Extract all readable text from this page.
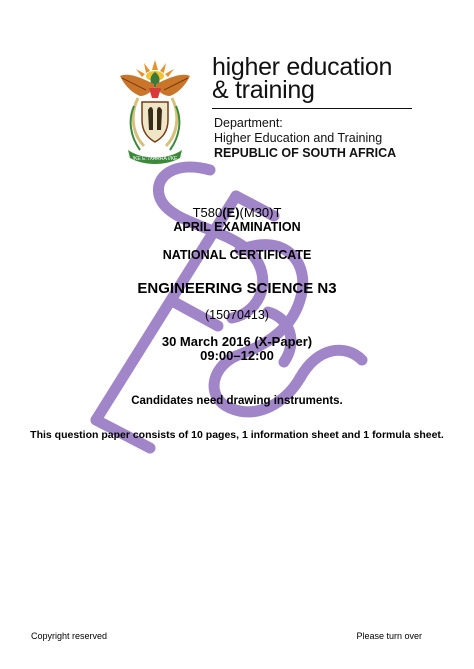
!KE E: /XARRA //KE
higher education
& training
Department:
Higher Education and Training
REPUBLIC OF SOUTH AFRICA
T580(E)(M30)T
APRIL EXAMINATION
NATIONAL CERTIFICATE
ENGINEERING SCIENCE N3
(15070413)
30 March 2016 (X-Paper)
09:00–12:00
Candidates need drawing instruments.
This question paper consists of 10 pages, 1 information sheet and 1 formula sheet.
Copyright reserved	Please turn over
